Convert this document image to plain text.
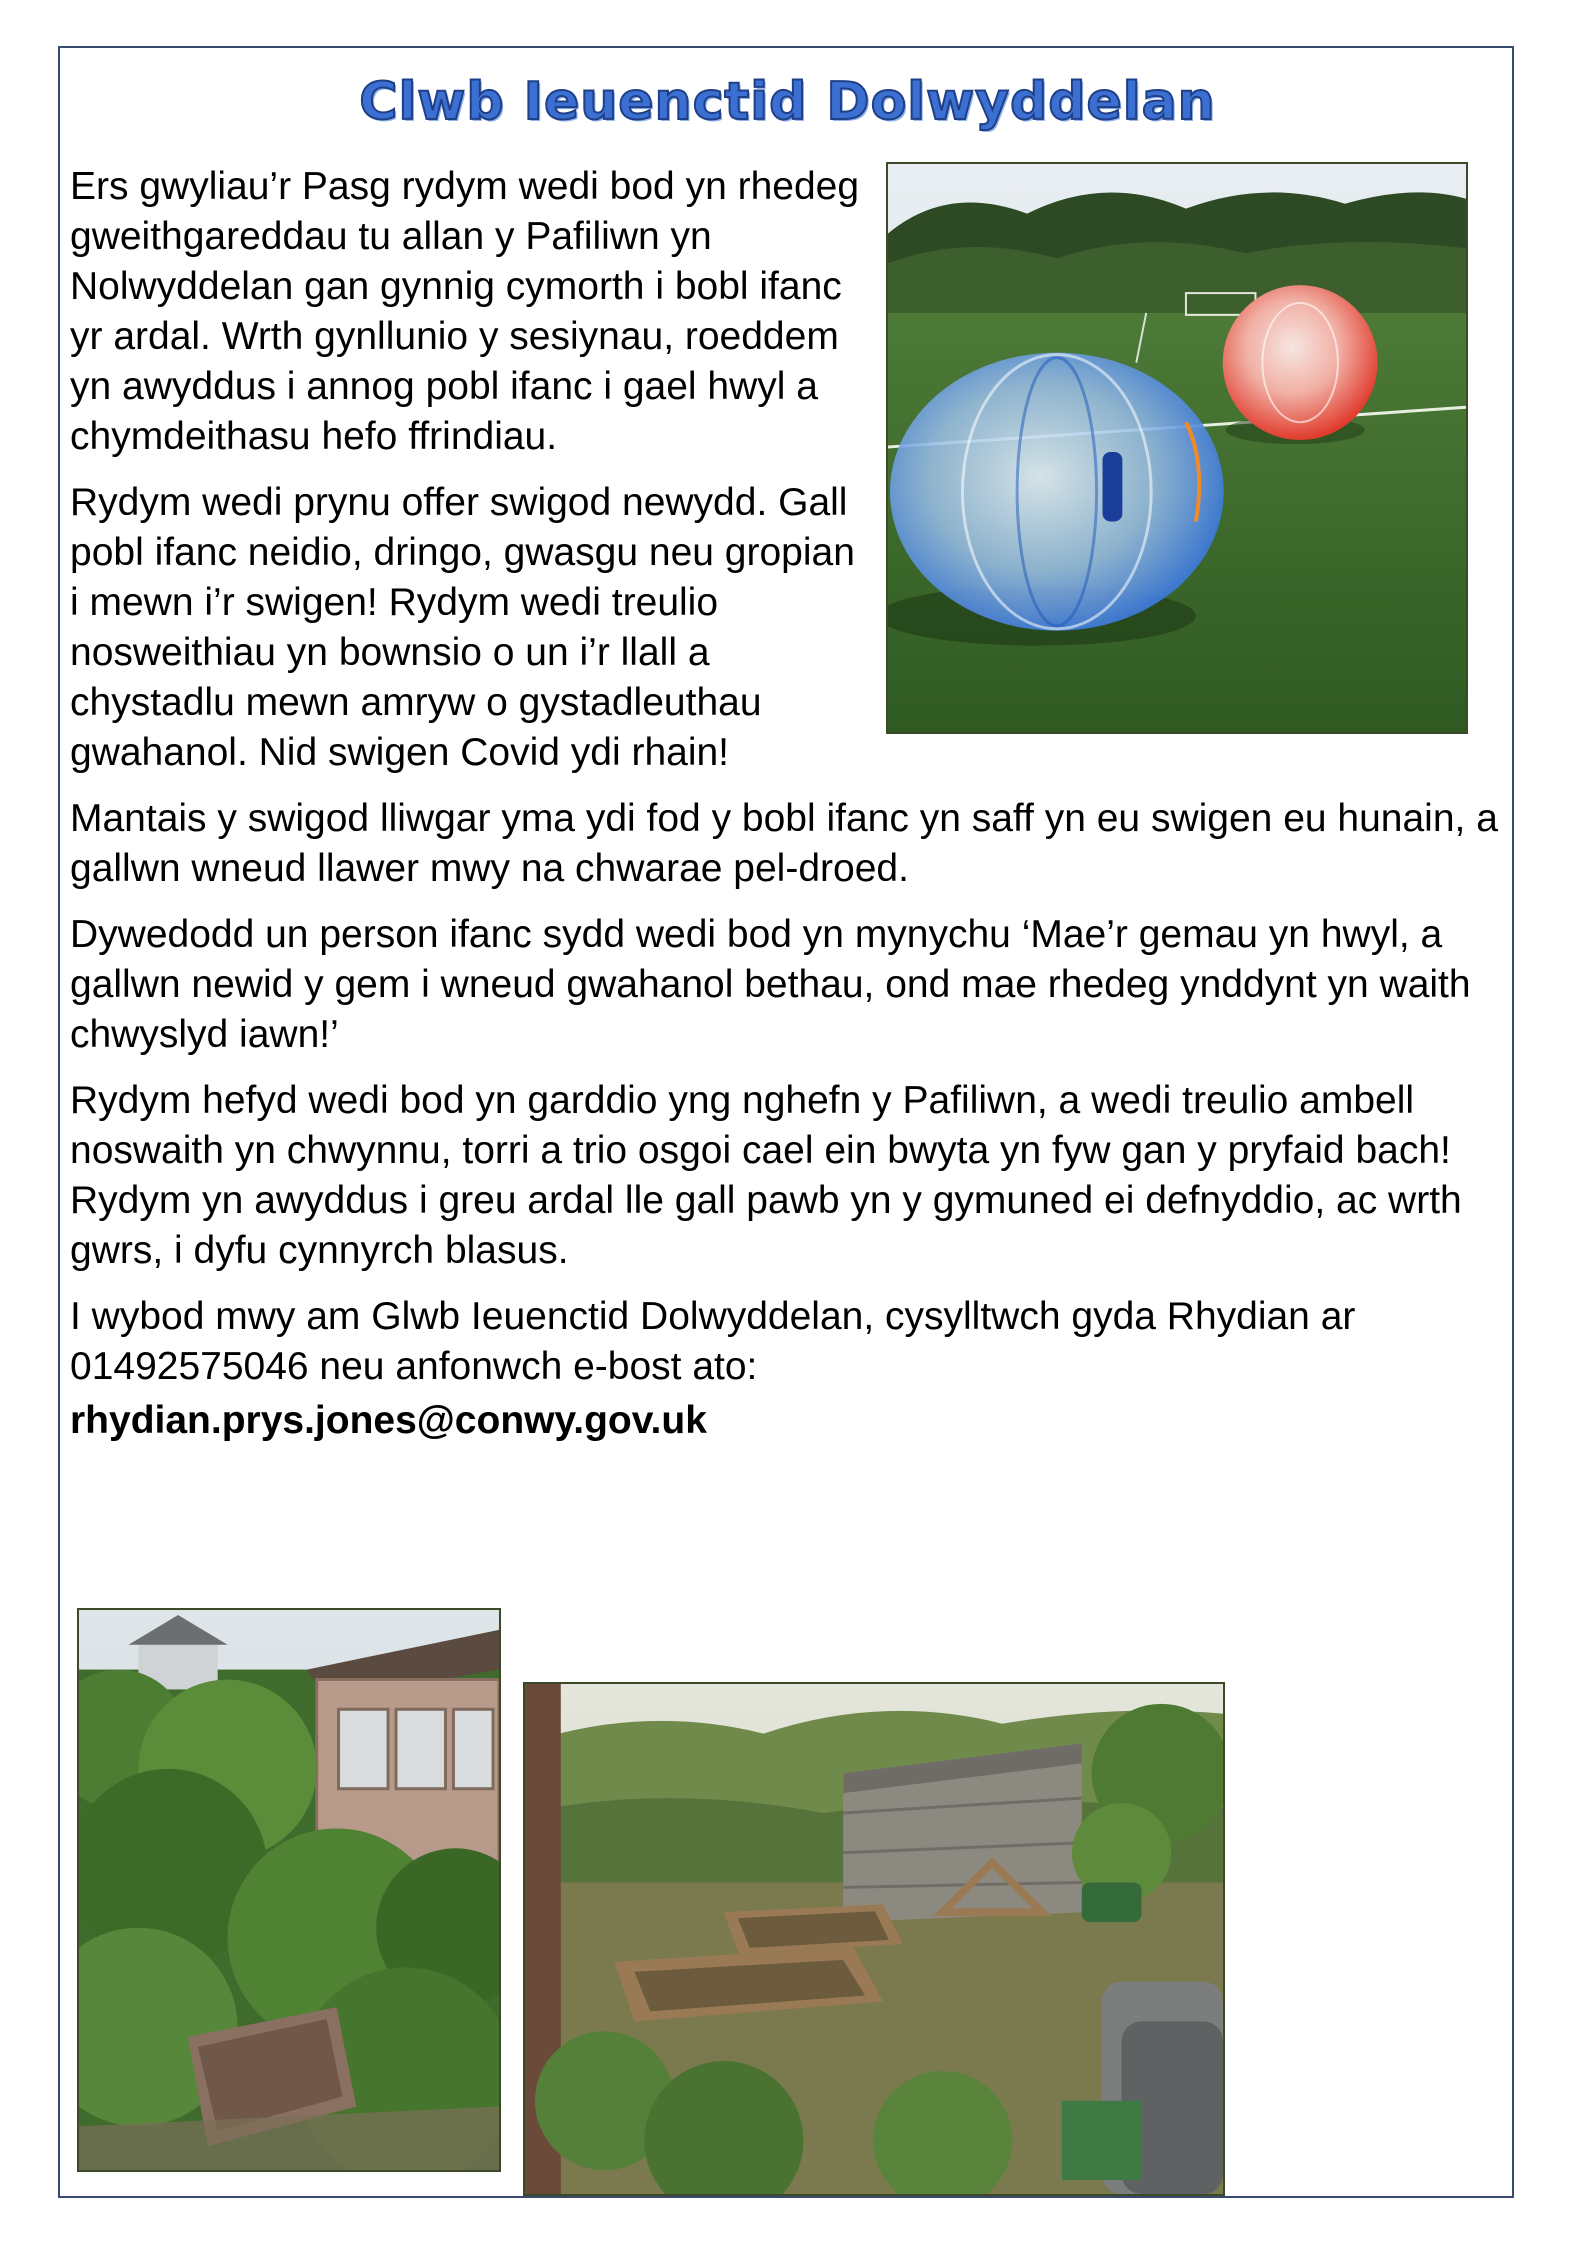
Clwb Ieuenctid Dolwyddelan

Ers gwyliau’r Pasg rydym wedi bod yn rhedeg gweithgareddau tu allan y Pafiliwn yn Nolwyddelan gan gynnig cymorth i bobl ifanc yr ardal. Wrth gynllunio y sesiynau, roeddem yn awyddus i annog pobl ifanc i gael hwyl a chymdeithasu hefo ffrindiau.

Rydym wedi prynu offer swigod newydd. Gall pobl ifanc neidio, dringo, gwasgu neu gropian i mewn i’r swigen! Rydym wedi treulio nosweithiau yn bownsio o un i’r llall a chystadlu mewn amryw o gystadleuthau gwahanol. Nid swigen Covid ydi rhain!

Mantais y swigod lliwgar yma ydi fod y bobl ifanc yn saff yn eu swigen eu hunain, a gallwn wneud llawer mwy na chwarae pel-droed.

Dywedodd un person ifanc sydd wedi bod yn mynychu ‘Mae’r gemau yn hwyl, a gallwn newid y gem i wneud gwahanol bethau, ond mae rhedeg ynddynt yn waith chwyslyd iawn!’

Rydym hefyd wedi bod yn garddio yng nghefn y Pafiliwn, a wedi treulio ambell noswaith yn chwynnu, torri a trio osgoi cael ein bwyta yn fyw gan y pryfaid bach! Rydym yn awyddus i greu ardal lle gall pawb yn y gymuned ei defnyddio, ac wrth gwrs, i dyfu cynnyrch blasus.

I wybod mwy am Glwb Ieuenctid Dolwyddelan, cysylltwch gyda Rhydian ar 01492575046 neu anfonwch e-bost ato:

rhydian.prys.jones@conwy.gov.uk
